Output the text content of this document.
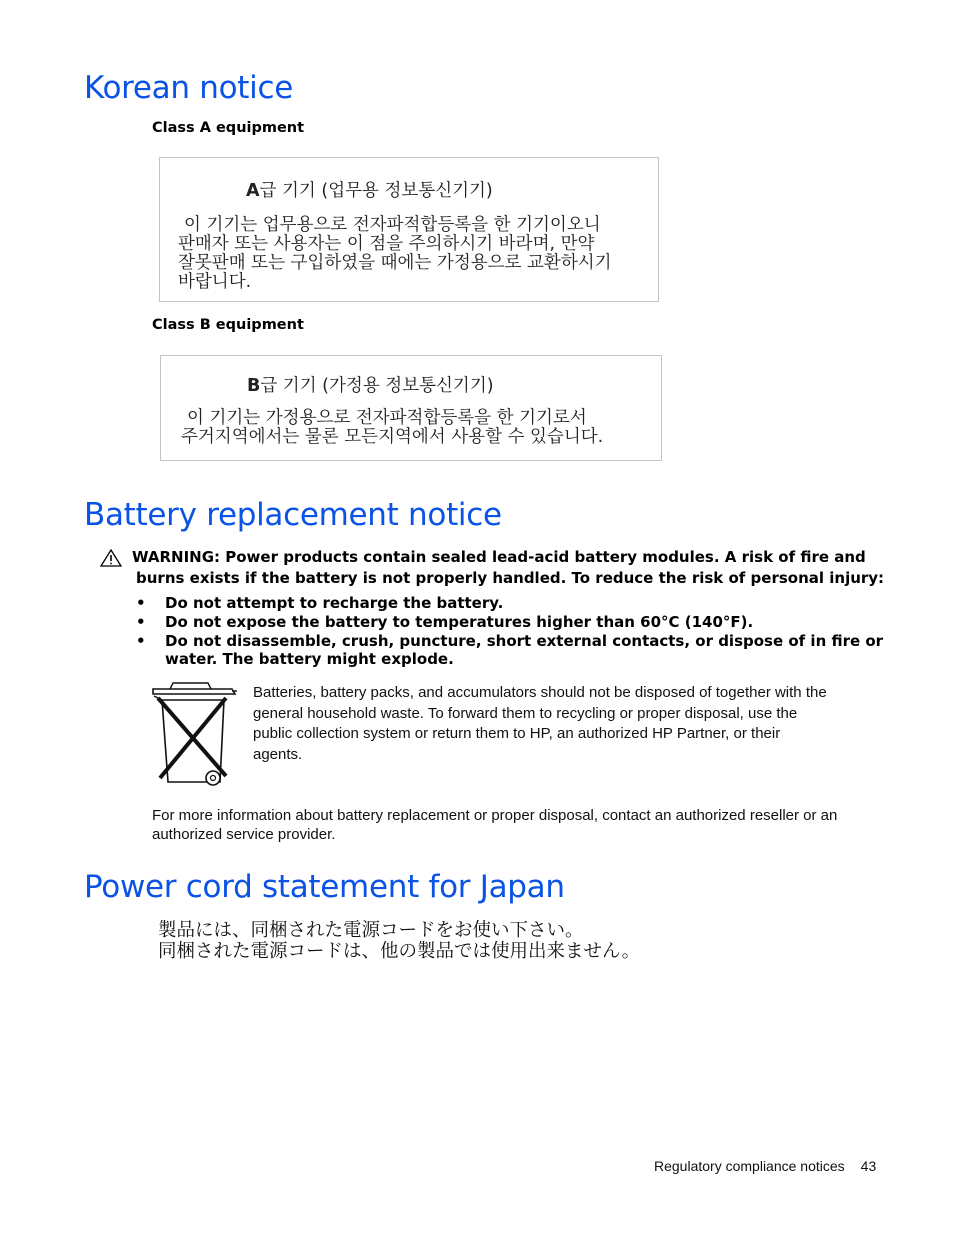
Korean notice
Class A equipment
A급 기기 (업무용 정보통신기기)
이 기기는 업무용으로 전자파적합등록을 한 기기이오니
판매자 또는 사용자는 이 점을 주의하시기 바라며, 만약
잘못판매 또는 구입하였을 때에는 가정용으로 교환하시기
바랍니다.
Class B equipment
B급 기기 (가정용 정보통신기기)
이 기기는 가정용으로 전자파적합등록을 한 기기로서
주거지역에서는 물론 모든지역에서 사용할 수 있습니다.
Battery replacement notice
WARNING: Power products contain sealed lead-acid battery modules. A risk of fire and
burns exists if the battery is not properly handled. To reduce the risk of personal injury:
• Do not attempt to recharge the battery.
• Do not expose the battery to temperatures higher than 60°C (140°F).
• Do not disassemble, crush, puncture, short external contacts, or dispose of in fire or
water. The battery might explode.
Batteries, battery packs, and accumulators should not be disposed of together with the
general household waste. To forward them to recycling or proper disposal, use the
public collection system or return them to HP, an authorized HP Partner, or their
agents.
For more information about battery replacement or proper disposal, contact an authorized reseller or an
authorized service provider.
Power cord statement for Japan
製品には、同梱された電源コードをお使い下さい。
同梱された電源コードは、他の製品では使用出来ません。
Regulatory compliance notices 43
